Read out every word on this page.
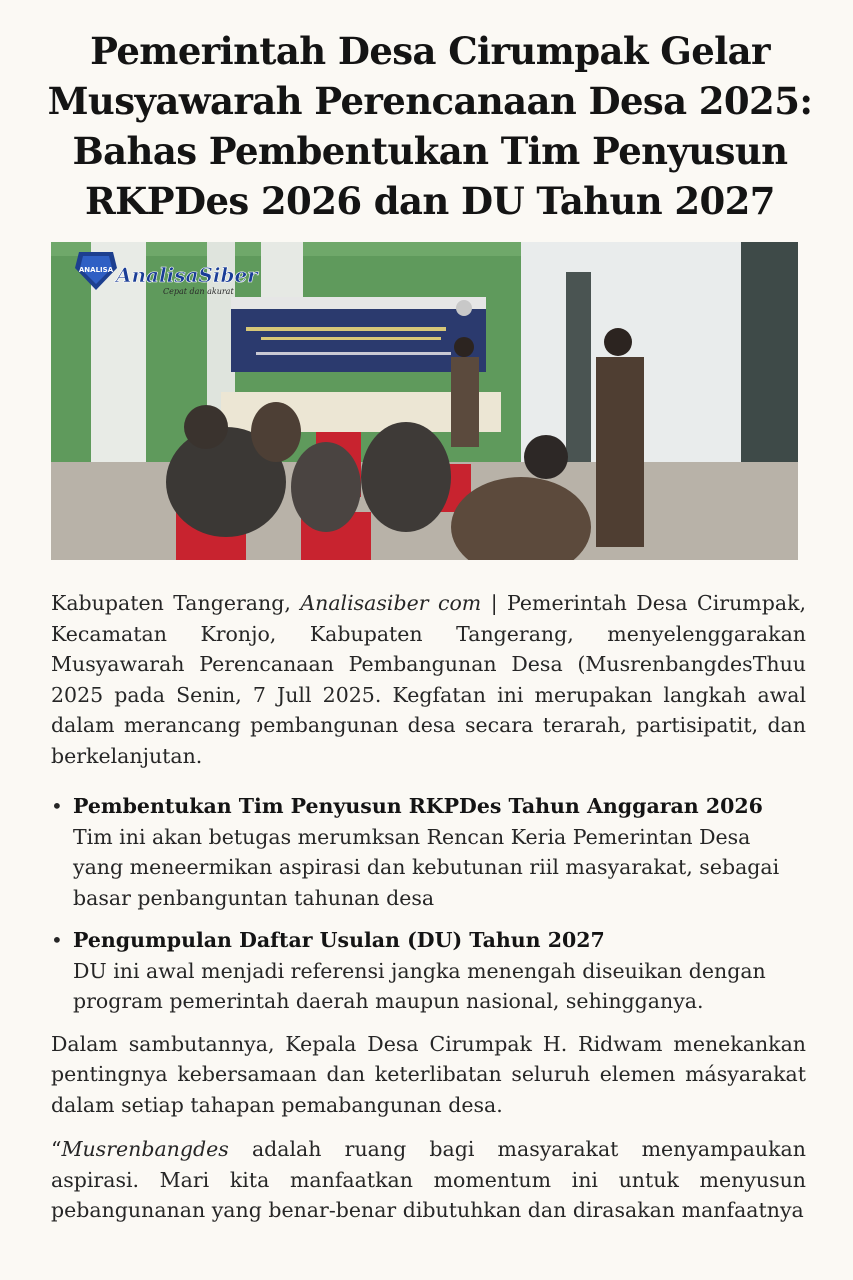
Pemerintah Desa Cirumpak Gelar Musyawarah Perencanaan Desa 2025: Bahas Pembentukan Tim Penyusun RKPDes 2026 dan DU Tahun 2027
ANALISA AnalisaSiber
Cepat dan akurat

Kabupaten Tangerang, Analisasiber com | Pemerintah Desa Cirumpak, Kecamatan Kronjo, Kabupaten Tangerang, menyelenggarakan Musyawarah Perencanaan Pembangunan Desa (MusrenbangdesThuu 2025 pada Senin, 7 Jull 2025. Kegfatan ini merupakan langkah awal dalam merancang pembangunan desa secara terarah, partisipatit, dan berkelanjutan.

• Pembentukan Tim Penyusun RKPDes Tahun Anggaran 2026
Tim ini akan betugas merumksan Rencan Keria Pemerintan Desa yang meneermikan aspirasi dan kebutunan riil masyarakat, sebagai basar penbanguntan tahunan desa
• Pengumpulan Daftar Usulan (DU) Tahun 2027
DU ini awal menjadi referensi jangka menengah diseuikan dengan program pemerintah daerah maupun nasional, sehingganya.

Dalam sambutannya, Kepala Desa Cirumpak H. Ridwam menekankan pentingnya kebersamaan dan keterlibatan seluruh elemen másyarakat dalam setiap tahapan pemabangunan desa.

“Musrenbangdes adalah ruang bagi masyarakat menyampaukan aspirasi. Mari kita manfaatkan momentum ini untuk menyusun pebangunanan yang benar-benar dibutuhkan dan dirasakan manfaatnya
